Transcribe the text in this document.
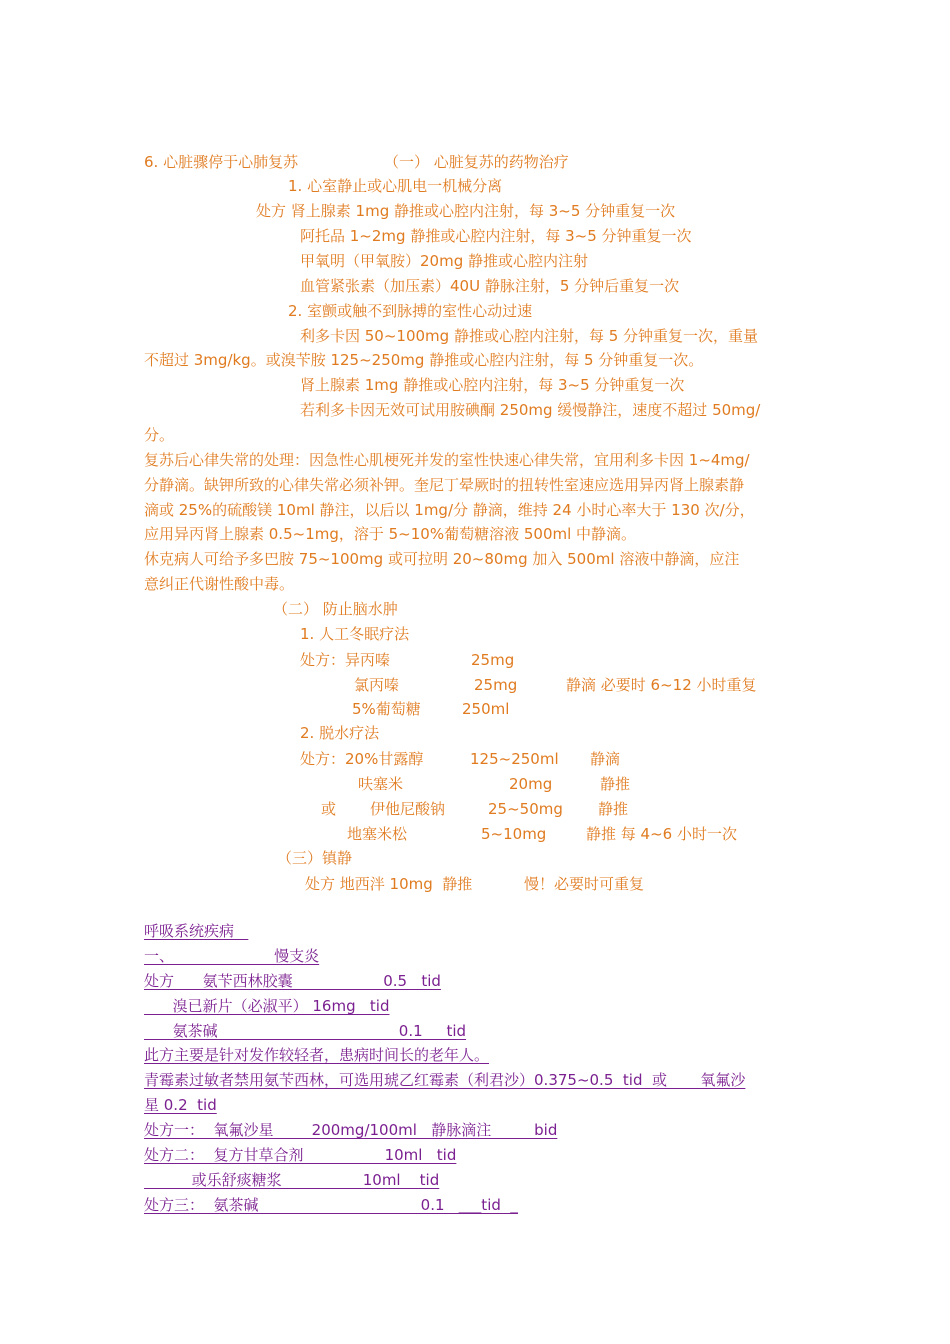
6. 心脏骤停于心肺复苏	（一） 心脏复苏的药物治疗
1. 心室静止或心肌电一机械分离
处方 肾上腺素 1mg 静推或心腔内注射，每 3~5 分钟重复一次
阿托品 1~2mg 静推或心腔内注射，每 3~5 分钟重复一次
甲氧明（甲氧胺）20mg 静推或心腔内注射
血管紧张素（加压素）40U 静脉注射，5 分钟后重复一次
2. 室颤或触不到脉搏的室性心动过速
利多卡因 50~100mg 静推或心腔内注射，每 5 分钟重复一次，重量
不超过 3mg/kg。或溴苄胺 125~250mg 静推或心腔内注射，每 5 分钟重复一次。
肾上腺素 1mg 静推或心腔内注射，每 3~5 分钟重复一次
若利多卡因无效可试用胺碘酮 250mg 缓慢静注，速度不超过 50mg/
分。
复苏后心律失常的处理：因急性心肌梗死并发的室性快速心律失常，宜用利多卡因 1~4mg/
分静滴。缺钾所致的心律失常必须补钾。奎尼丁晕厥时的扭转性室速应选用异丙肾上腺素静
滴或 25%的硫酸镁 10ml 静注，以后以 1mg/分 静滴，维持 24 小时心率大于 130 次/分，
应用异丙肾上腺素 0.5~1mg，溶于 5~10%葡萄糖溶液 500ml 中静滴。
休克病人可给予多巴胺 75~100mg 或可拉明 20~80mg 加入 500ml 溶液中静滴，应注
意纠正代谢性酸中毒。
（二） 防止脑水肿
1. 人工冬眠疗法
处方：异丙嗪	25mg
氯丙嗪	25mg	静滴 必要时 6~12 小时重复
5%葡萄糖	250ml
2. 脱水疗法
处方：20%甘露醇	125~250ml 静滴
呋塞米	20mg	静推
或 伊他尼酸钠	25~50mg 静推
地塞米松	5~10mg	静推 每 4~6 小时一次
（三）镇静
处方 地西泮 10mg  静推	慢！必要时可重复
呼吸系统疾病
一、                     慢支炎
处方      氨苄西林胶囊                   0.5   tid
溴已新片（必淑平） 16mg   tid
氨茶碱                                      0.1     tid
此方主要是针对发作较轻者，患病时间长的老年人。
青霉素过敏者禁用氨苄西林，可选用琥乙红霉素（利君沙）0.375~0.5  tid  或       氧氟沙
星 0.2  tid
处方一：  氧氟沙星        200mg/100ml   静脉滴注         bid
处方二：  复方甘草合剂                 10ml   tid
或乐舒痰糖浆                 10ml    tid
处方三：  氨茶碱                                  0.1   ___tid  _
